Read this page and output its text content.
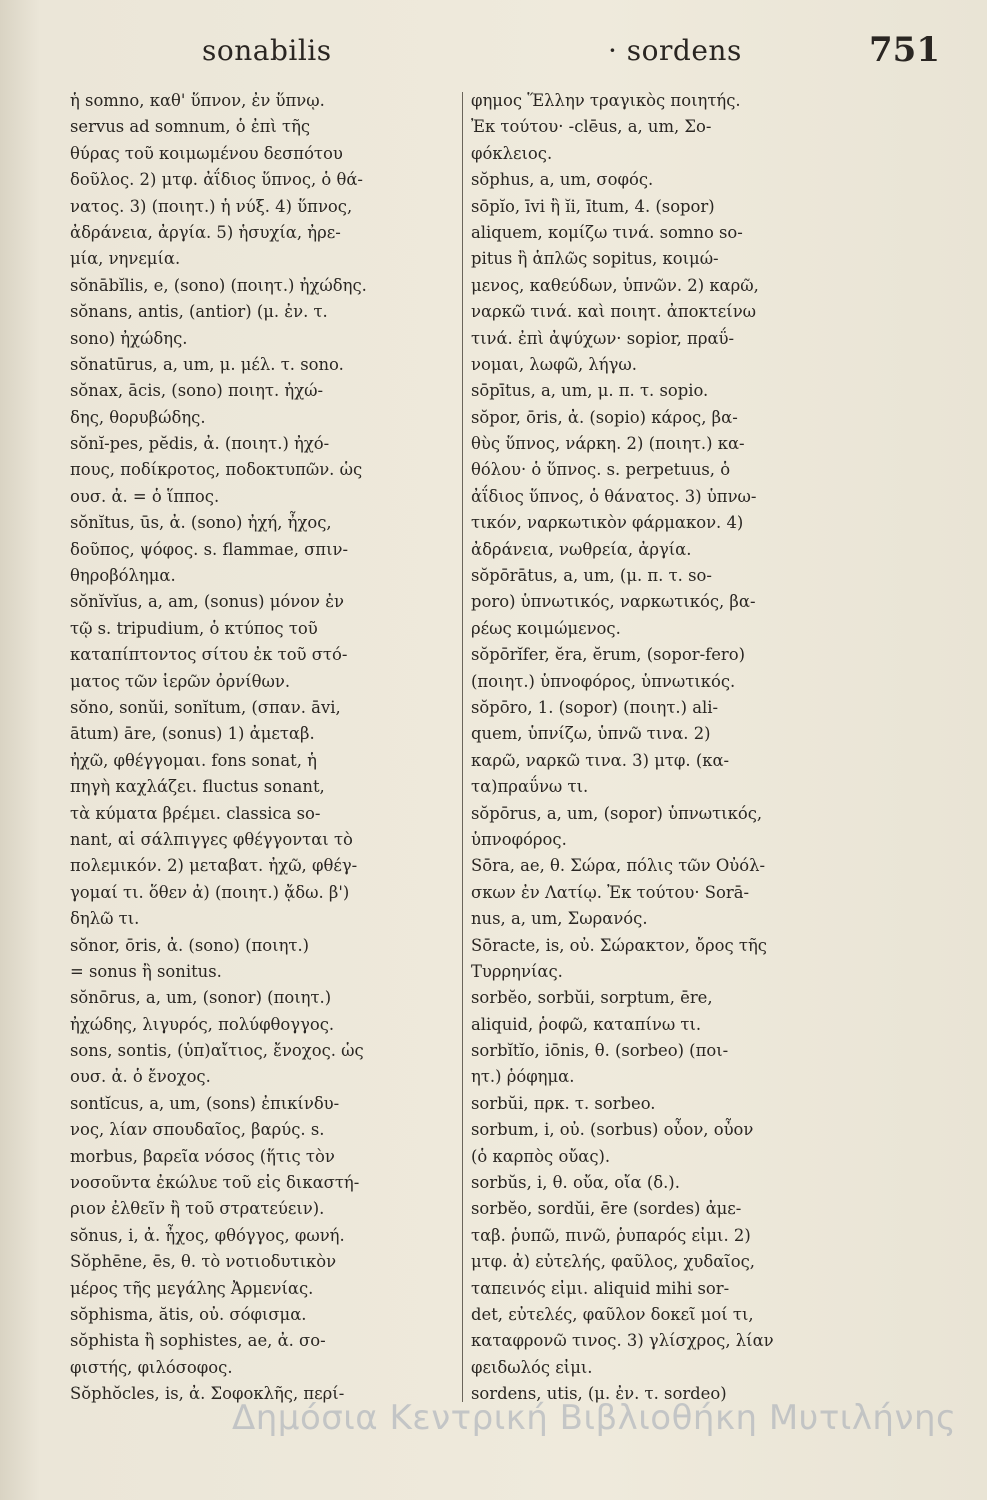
sonabilis	· sordens	751
ἡ somno, καθ' ὕπνον, ἐν ὕπνῳ.
servus ad somnum, ὁ ἐπὶ τῆς
θύρας τοῦ κοιμωμένου δεσπότου
δοῦλος. 2) μτφ. ἀΐδιος ὕπνος, ὁ θά-
νατος. 3) (ποιητ.) ἡ νύξ. 4) ὕπνος,
ἀδράνεια, ἀργία. 5) ἡσυχία, ἠρε-
μία, νηνεμία.
sŏnābĭlis, e, (sono) (ποιητ.) ἠχώδης.
sŏnans, antis, (antior) (μ. ἐν. τ.
sono) ἠχώδης.
sŏnatūrus, a, um, μ. μέλ. τ. sono.
sŏnax, ācis, (sono) ποιητ. ἠχώ-
δης, θορυβώδης.
sŏnĭ-pes, pĕdis, ἀ. (ποιητ.) ἠχό-
πους, ποδίκροτος, ποδοκτυπῶν. ὡς
ουσ. ἀ. = ὁ ἵππος.
sŏnĭtus, ūs, ἀ. (sono) ἠχή, ἦχος,
δοῦπος, ψόφος. s. flammae, σπιν-
θηροβόλημα.
sŏnĭvĭus, a, am, (sonus) μόνον ἐν
τῷ s. tripudium, ὁ κτύπος τοῦ
καταπίπτοντος σίτου ἐκ τοῦ στό-
ματος τῶν ἱερῶν ὀρνίθων.
sŏno, sonŭi, sonĭtum, (σπαν. āvi,
ātum) āre, (sonus) 1) ἀμεταβ.
ἠχῶ, φθέγγομαι. fons sonat, ἡ
πηγὴ καχλάζει. fluctus sonant,
τὰ κύματα βρέμει. classica so-
nant, αἱ σάλπιγγες φθέγγονται τὸ
πολεμικόν. 2) μεταβατ. ἠχῶ, φθέγ-
γομαί τι. ὅθεν ἀ) (ποιητ.) ᾄδω. β')
δηλῶ τι.
sŏnor, ōris, ἀ. (sono) (ποιητ.)
= sonus ἢ sonitus.
sŏnōrus, a, um, (sonor) (ποιητ.)
ἠχώδης, λιγυρός, πολύφθογγος.
sons, sontis, (ὑπ)αἴτιος, ἔνοχος. ὡς
ουσ. ἀ. ὁ ἔνοχος.
sontĭcus, a, um, (sons) ἐπικίνδυ-
νος, λίαν σπουδαῖος, βαρύς. s.
morbus, βαρεῖα νόσος (ἥτις τὸν
νοσοῦντα ἐκώλυε τοῦ εἰς δικαστή-
ριον ἐλθεῖν ἢ τοῦ στρατεύειν).
sŏnus, i, ἀ. ἦχος, φθόγγος, φωνή.
Sŏphēne, ēs, θ. τὸ νοτιοδυτικὸν
μέρος τῆς μεγάλης Ἀρμενίας.
sŏphisma, ătis, οὐ. σόφισμα.
sŏphista ἢ sophistes, ae, ἀ. σο-
φιστής, φιλόσοφος.
Sŏphŏcles, is, ἀ. Σοφοκλῆς, περί-
φημος Ἕλλην τραγικὸς ποιητής.
Ἐκ τούτου· -clēus, a, um, Σο-
φόκλειος.
sŏphus, a, um, σοφός.
sōpĭo, īvi ἢ ĭi, ītum, 4. (sopor)
aliquem, κομίζω τινά. somno so-
pitus ἢ ἁπλῶς sopitus, κοιμώ-
μενος, καθεύδων, ὑπνῶν. 2) καρῶ,
ναρκῶ τινά. καὶ ποιητ. ἀποκτείνω
τινά. ἐπὶ ἀψύχων· sopior, πραΰ-
νομαι, λωφῶ, λήγω.
sōpītus, a, um, μ. π. τ. sopio.
sŏpor, ōris, ἀ. (sopio) κάρος, βα-
θὺς ὕπνος, νάρκη. 2) (ποιητ.) κα-
θόλου· ὁ ὕπνος. s. perpetuus, ὁ
ἀΐδιος ὕπνος, ὁ θάνατος. 3) ὑπνω-
τικόν, ναρκωτικὸν φάρμακον. 4)
ἀδράνεια, νωθρεία, ἀργία.
sŏpōrātus, a, um, (μ. π. τ. so-
poro) ὑπνωτικός, ναρκωτικός, βα-
ρέως κοιμώμενος.
sŏpōrĭfer, ĕra, ĕrum, (sopor-fero)
(ποιητ.) ὑπνοφόρος, ὑπνωτικός.
sŏpōro, 1. (sopor) (ποιητ.) ali-
quem, ὑπνίζω, ὑπνῶ τινα. 2)
καρῶ, ναρκῶ τινα. 3) μτφ. (κα-
τα)πραΰνω τι.
sŏpōrus, a, um, (sopor) ὑπνωτικός,
ὑπνοφόρος.
Sōra, ae, θ. Σώρα, πόλις τῶν Οὐόλ-
σκων ἐν Λατίῳ. Ἐκ τούτου· Sorā-
nus, a, um, Σωρανός.
Sōracte, is, οὐ. Σώρακτον, ὄρος τῆς
Τυρρηνίας.
sorbĕo, sorbŭi, sorptum, ēre,
aliquid, ῥοφῶ, καταπίνω τι.
sorbĭtĭo, iōnis, θ. (sorbeo) (ποι-
ητ.) ῥόφημα.
sorbŭi, πρκ. τ. sorbeo.
sorbum, i, οὐ. (sorbus) οὖον, οὖον
(ὁ καρπὸς οὔας).
sorbŭs, i, θ. οὔα, οἴα (δ.).
sorbĕo, sordŭi, ēre (sordes) ἀμε-
ταβ. ῥυπῶ, πινῶ, ῥυπαρός εἰμι. 2)
μτφ. ἀ) εὐτελής, φαῦλος, χυδαῖος,
ταπεινός εἰμι. aliquid mihi sor-
det, εὐτελές, φαῦλον δοκεῖ μοί τι,
καταφρονῶ τινος. 3) γλίσχρος, λίαν
φειδωλός εἰμι.
sordens, utis, (μ. ἐν. τ. sordeo)
Δημόσια Κεντρική Βιβλιοθήκη Μυτιλήνης
